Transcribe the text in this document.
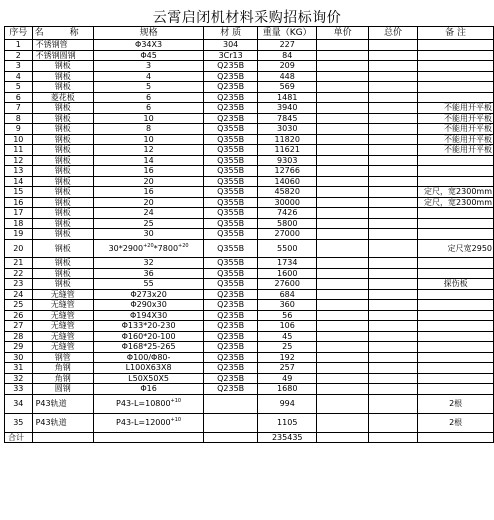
云霄启闭机材料采购招标询价
序号	名 称	规格	材 质	重量（KG）	单价	总价	备 注
1	不锈钢管	Φ34X3	304	227			
2	不锈钢圆钢	Φ45	3Cr13	84			
3	钢板	3	Q235B	209			
4	钢板	4	Q235B	448			
5	钢板	5	Q235B	569			
6	菱花板	6	Q235B	1481			
7	钢板	6	Q235B	3940			不能用开平板
8	钢板	10	Q235B	7845			不能用开平板
9	钢板	8	Q355B	3030			不能用开平板
10	钢板	10	Q355B	11820			不能用开平板
11	钢板	12	Q355B	11621			不能用开平板
12	钢板	14	Q355B	9303			
13	钢板	16	Q355B	12766			
14	钢板	20	Q355B	14060			
15	钢板	16	Q355B	45820			定尺，宽2300mm
16	钢板	20	Q355B	30000			定尺，宽2300mm
17	钢板	24	Q355B	7426			
18	钢板	25	Q355B	5800			
19	钢板	30	Q355B	27000			
20	钢板	$30*2900^{+20}*7800^{+20}$	Q355B	5500			定尺宽2950
21	钢板	32	Q355B	1734			
22	钢板	36	Q355B	1600			
23	钢板	55	Q355B	27600			探伤板
24	无缝管	Φ273x20	Q235B	684			
25	无缝管	Φ290x30	Q235B	360			
26	无缝管	Φ194X30	Q235B	56			
27	无缝管	Φ133*20-230	Q235B	106			
28	无缝管	Φ160*20-100	Q235B	45			
29	无缝管	Φ168*25-265	Q235B	25			
30	钢管	Φ100/Φ80-	Q235B	192			
31	角钢	L100X63X8	Q235B	257			
32	角钢	L50X50X5	Q235B	49			
33	圆钢	Φ16	Q235B	1680			
34	P43轨道	$P43-L=10800^{+10}$		994			2根
35	P43轨道	$P43-L=12000^{+10}$		1105			2根
合计				235435			
